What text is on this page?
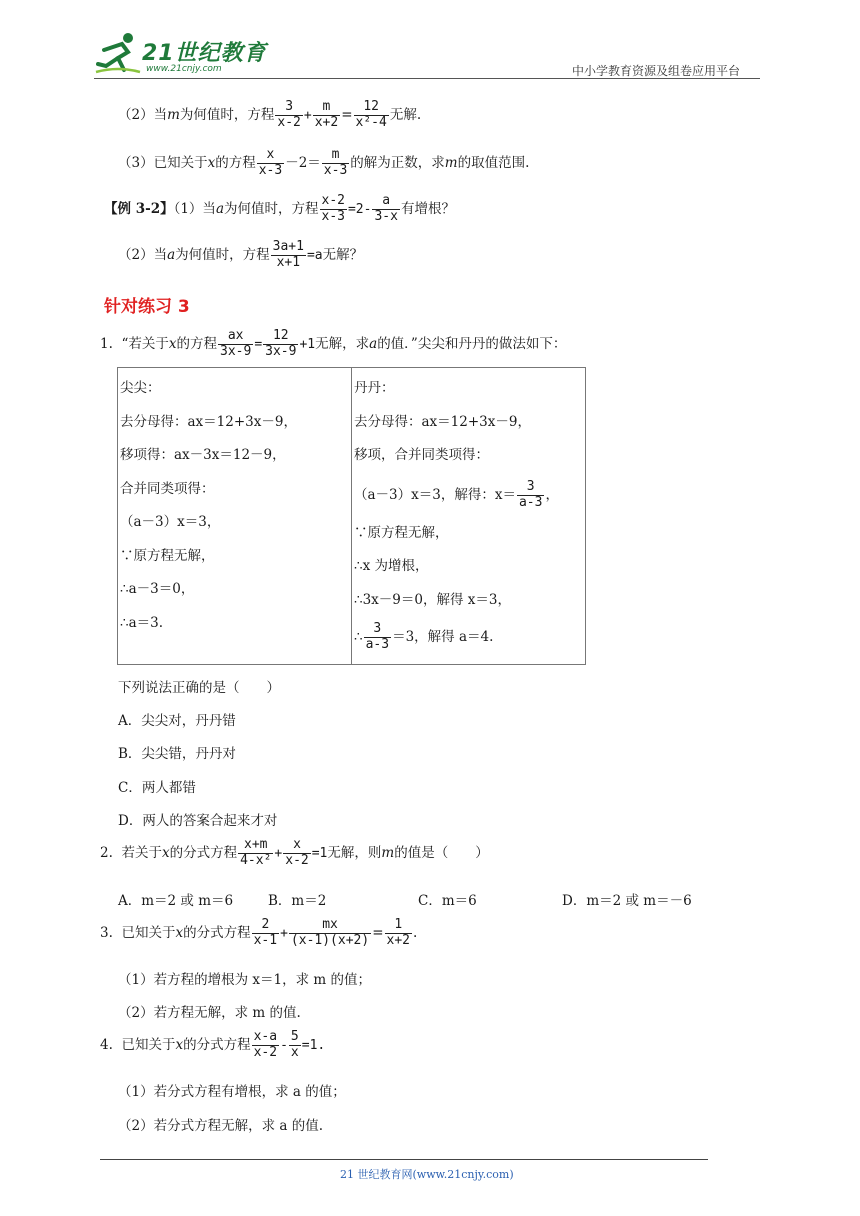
21世纪教育
www.21cnjy.com	中小学教育资源及组卷应用平台
（2）当m为何值时，方程 $\frac{3}{x-2} + \frac{m}{x+2} = \frac{12}{\text{x²-4}}$ 无解.
（3）已知关于x的方程 $\frac{x}{x-3} -2= \frac{m}{x-3}$ 的解为正数，求m的取值范围.
【例 3-2】（1）当a为何值时，方程 $\frac{x-2}{x-3} =2- \frac{a}{3-x}$ 有增根？
（2）当a为何值时，方程 $\frac{3a+1}{x+1} =a$无解？
针对练习 3
1. “若关于x的方程 $\frac{ax}{3x-9} = \frac{12}{3x-9} +1$无解，求a的值．”尖尖和丹丹的做法如下：
尖尖：
去分母得：ax＝12+3x－9，
移项得：ax－3x＝12－9，
合并同类项得：
（a－3）x＝3，
∵原方程无解，
∴a－3＝0，
∴a＝3.

丹丹：
去分母得：ax＝12+3x－9，
移项，合并同类项得：
（a－3）x＝3，解得：$x= \frac{3}{a-3}$ ，
∵原方程无解，
∴x 为增根，
∴3x－9＝0，解得 x＝3，
∴ $\frac{3}{a-3} =3$，解得 a＝4.
下列说法正确的是（　　）
A．尖尖对，丹丹错
B．尖尖错，丹丹对
C．两人都错
D．两人的答案合起来才对
2. 若关于x的分式方程 $\frac{x+m}{\text{4-x²}} + \frac{x}{x-2} =1$无解，则m的值是（　　）
A．m＝2 或 m＝6	B．m＝2	C．m＝6	D．m＝2 或 m＝－6
3. 已知关于x的分式方程 $\frac{2}{x-1} + \frac{mx}{(x-1)(x+2)} = \frac{1}{x+2}$ .
（1）若方程的增根为 x＝1，求 m 的值；
（2）若方程无解，求 m 的值.
4. 已知关于x的分式方程 $\frac{x-a}{x-2} - \frac{5}{x} =1$.
（1）若分式方程有增根，求 a 的值；
（2）若分式方程无解，求 a 的值.
21 世纪教育网(www.21cnjy.com)
